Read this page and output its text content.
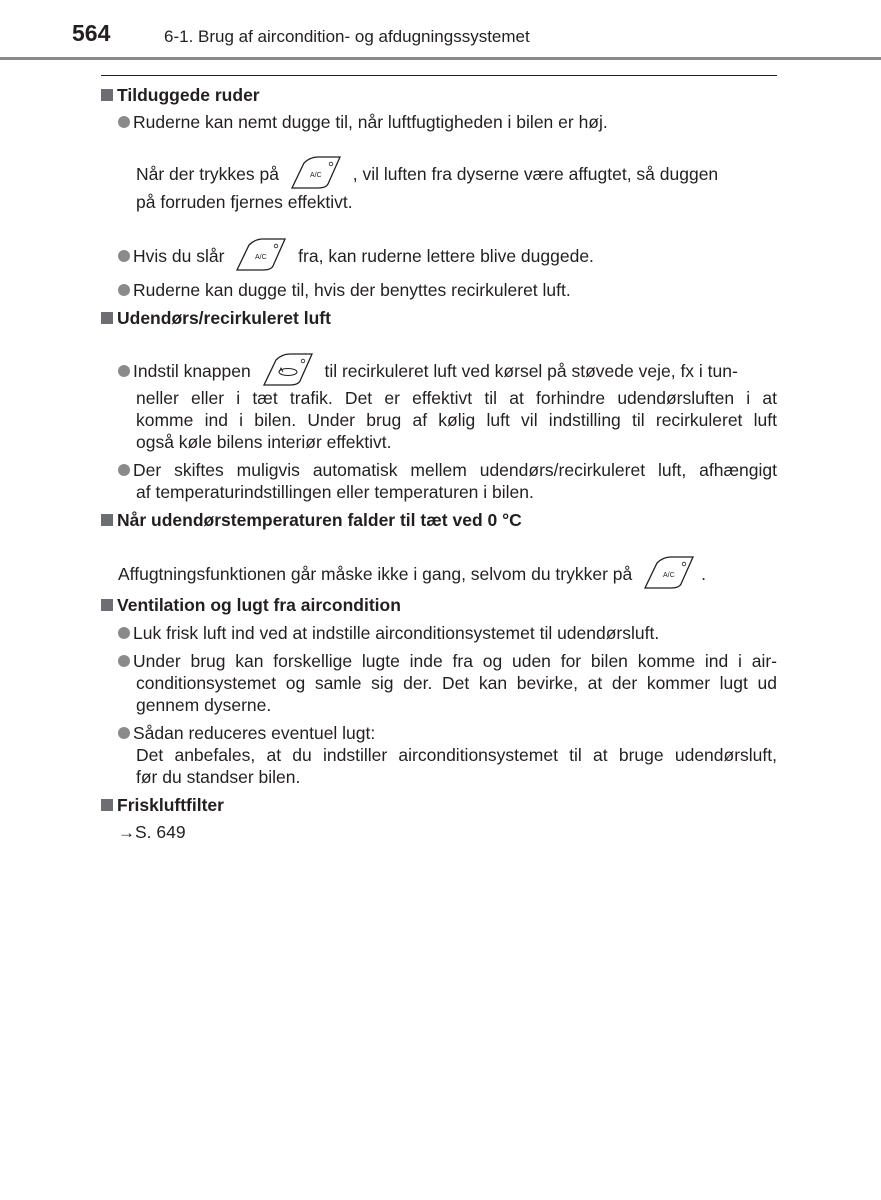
564	6-1. Brug af aircondition- og afdugningssystemet
Tilduggede ruder
Ruderne kan nemt dugge til, når luftfugtigheden i bilen er høj.
Når der trykkes på	A/C , vil luften fra dyserne være affugtet, så duggen
på forruden fjernes effektivt.
Hvis du slår	A/C fra, kan ruderne lettere blive duggede.
Ruderne kan dugge til, hvis der benyttes recirkuleret luft.
Udendørs/recirkuleret luft
Indstil knappen	til recirkuleret luft ved kørsel på støvede veje, fx i tun-
neller eller i tæt trafik. Det er effektivt til at forhindre udendørsluften i at
komme ind i bilen. Under brug af kølig luft vil indstilling til recirkuleret luft
også køle bilens interiør effektivt.
Der skiftes muligvis automatisk mellem udendørs/recirkuleret luft, afhængigt
af temperaturindstillingen eller temperaturen i bilen.
Når udendørstemperaturen falder til tæt ved 0 °C
Affugtningsfunktionen går måske ikke i gang, selvom du trykker på	A/C .
Ventilation og lugt fra aircondition
Luk frisk luft ind ved at indstille airconditionsystemet til udendørsluft.
Under brug kan forskellige lugte inde fra og uden for bilen komme ind i air-
conditionsystemet og samle sig der. Det kan bevirke, at der kommer lugt ud
gennem dyserne.
Sådan reduceres eventuel lugt:
Det anbefales, at du indstiller airconditionsystemet til at bruge udendørsluft,
før du standser bilen.
Friskluftfilter
→S. 649
